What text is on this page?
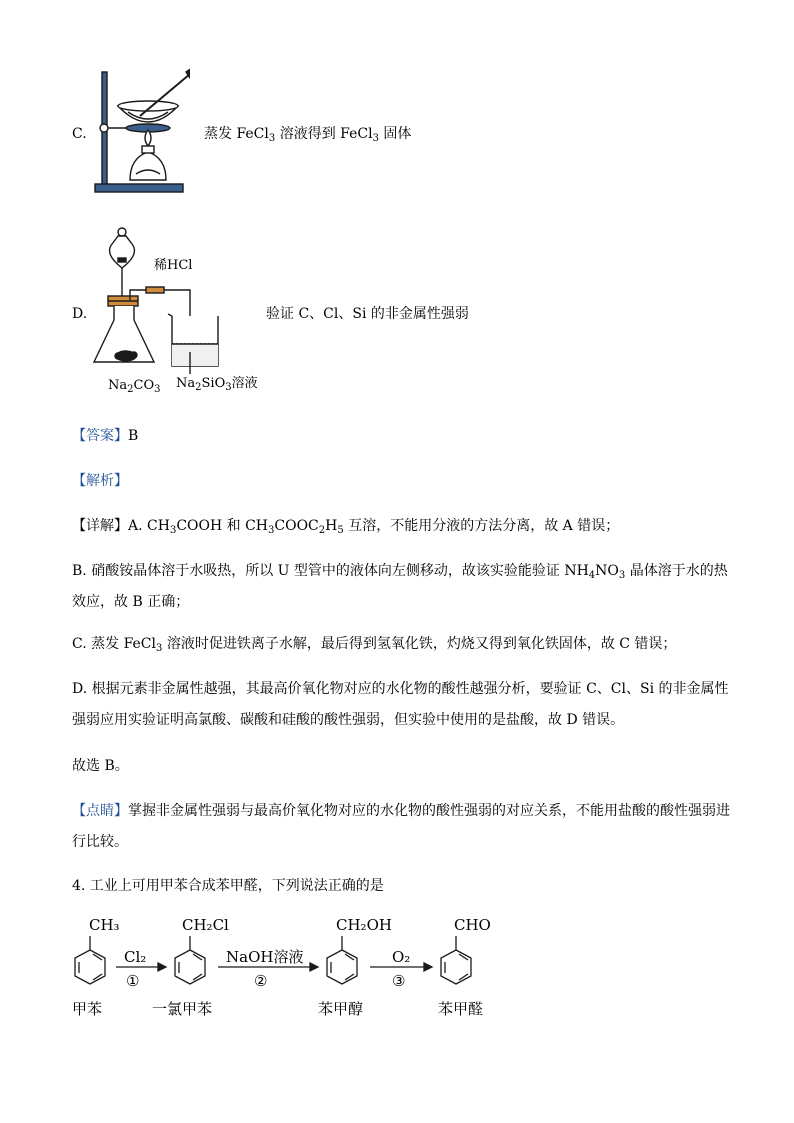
C.	蒸发 FeCl$_3$ 溶液得到 FeCl$_3$ 固体
D.
稀HCl
$Na_2CO_3$ $Na_2SiO_3$溶液
验证 C、Cl、Si 的非金属性强弱
【答案】B
【解析】
【详解】A. $CH_3COOH$ 和 $CH_3COOC_2H_5$ 互溶，不能用分液的方法分离，故 A 错误；
B. 硝酸铵晶体溶于水吸热，所以 U 型管中的液体向左侧移动，故该实验能验证 $NH_4NO_3$ 晶体溶于水的热效应，故 B 正确；
C. 蒸发 FeCl$_3$ 溶液时促进铁离子水解，最后得到氢氧化铁，灼烧又得到氧化铁固体，故 C 错误；
D. 根据元素非金属性越强，其最高价氧化物对应的水化物的酸性越强分析，要验证 C、Cl、Si 的非金属性强弱应用实验证明高氯酸、碳酸和硅酸的酸性强弱，但实验中使用的是盐酸，故 D 错误。
故选 B。
【点睛】掌握非金属性强弱与最高价氧化物对应的水化物的酸性强弱的对应关系，不能用盐酸的酸性强弱进行比较。
4. 工业上可用甲苯合成苯甲醛，下列说法正确的是
CH₃	CH₂Cl	CH₂OH	CHO
Cl₂
①
NaOH溶液
②
O₂
③
甲苯	一氯甲苯	苯甲醇	苯甲醛
